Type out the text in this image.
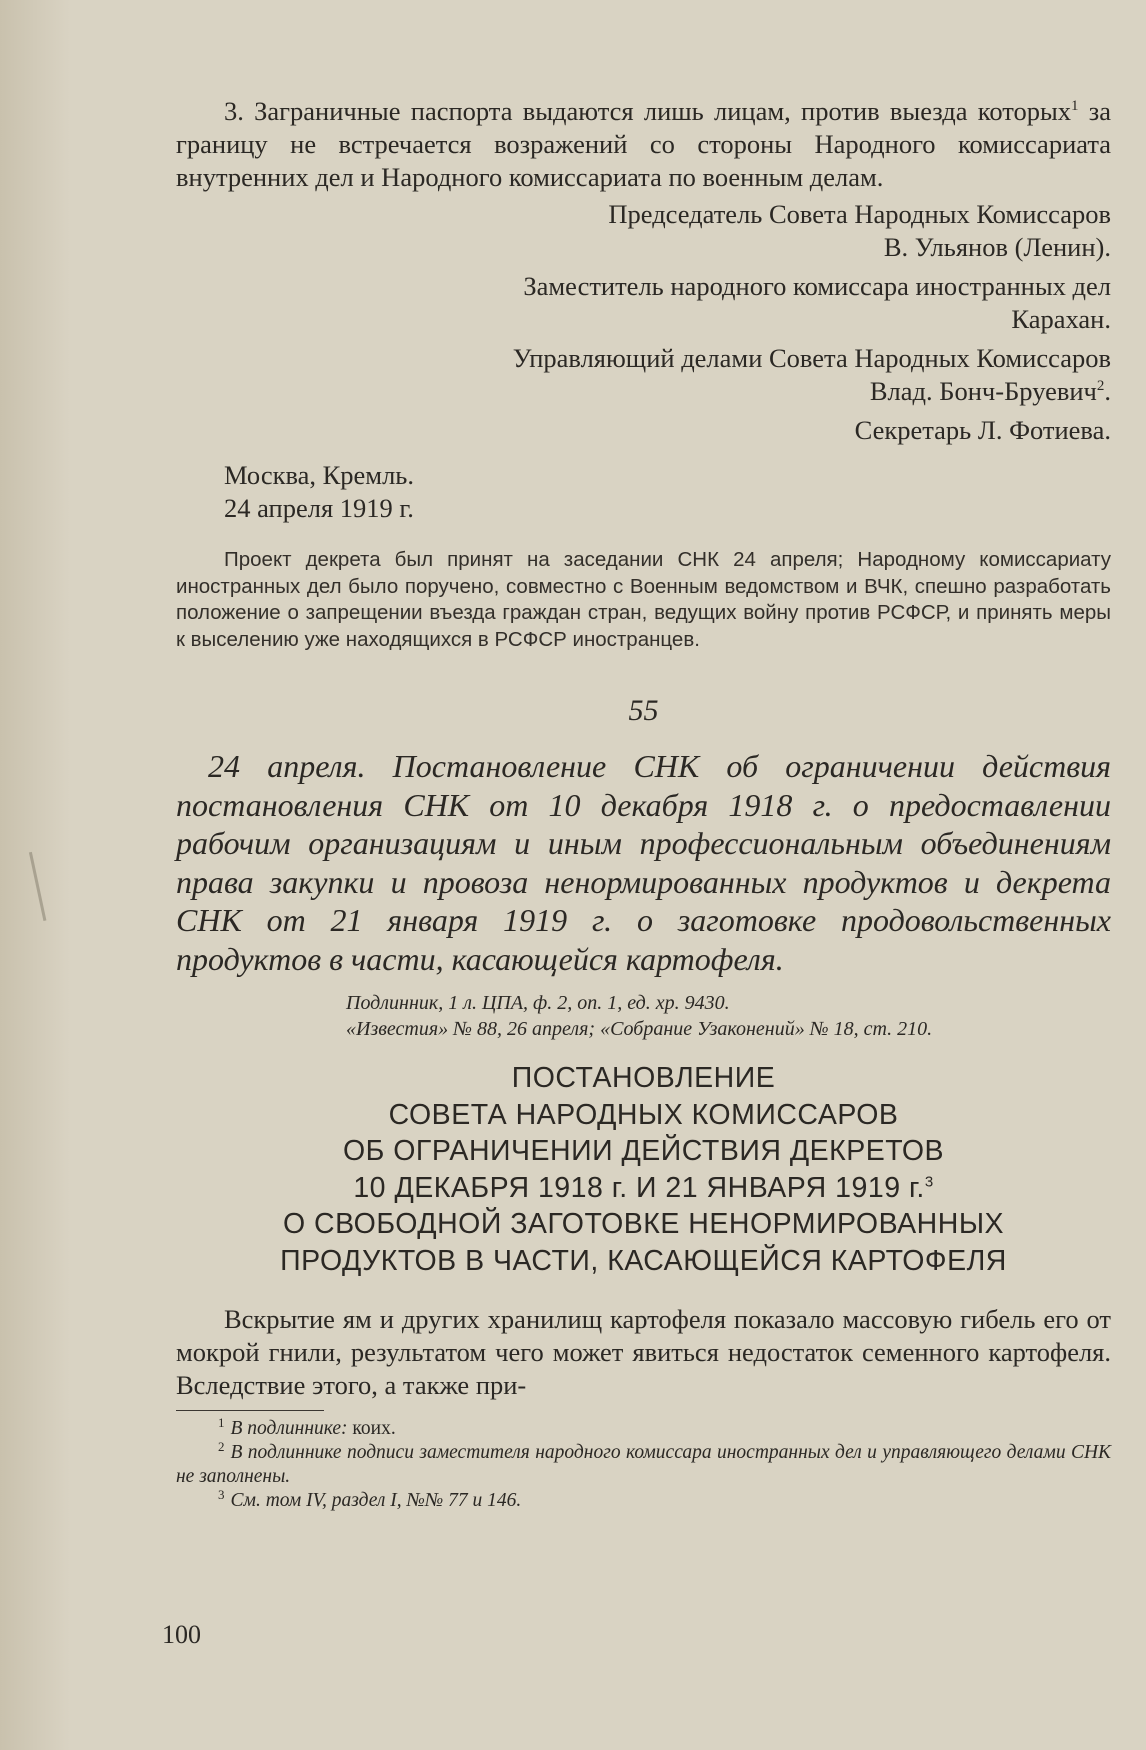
3. Заграничные паспорта выдаются лишь лицам, против выезда которых$^1$ за границу не встречается возражений со стороны Народного комиссариата внутренних дел и Народного комиссариата по военным делам.

Председатель Совета Народных Комиссаров
В. Ульянов (Ленин).
Заместитель народного комиссара иностранных дел
Карахан.
Управляющий делами Совета Народных Комиссаров
Влад. Бонч-Бруевич$^2$.
Секретарь Л. Фотиева.
Москва, Кремль.
24 апреля 1919 г.
Проект декрета был принят на заседании СНК 24 апреля; Народному комиссариату иностранных дел было поручено, совместно с Военным ведомством и ВЧК, спешно разработать положение о запрещении въезда граждан стран, ведущих войну против РСФСР, и принять меры к выселению уже находящихся в РСФСР иностранцев.
55
24 апреля. Постановление СНК об ограничении действия постановления СНК от 10 декабря 1918 г. о предоставлении рабочим организациям и иным профессиональным объединениям права закупки и провоза ненормированных продуктов и декрета СНК от 21 января 1919 г. о заготовке продовольственных продуктов в части, касающейся картофеля.
Подлинник, 1 л. ЦПА, ф. 2, оп. 1, ед. хр. 9430.
«Известия» № 88, 26 апреля; «Собрание Узаконений» № 18, ст. 210.
ПОСТАНОВЛЕНИЕ
СОВЕТА НАРОДНЫХ КОМИССАРОВ
ОБ ОГРАНИЧЕНИИ ДЕЙСТВИЯ ДЕКРЕТОВ
10 ДЕКАБРЯ 1918 г. И 21 ЯНВАРЯ 1919 г.$^3$
О СВОБОДНОЙ ЗАГОТОВКЕ НЕНОРМИРОВАННЫХ
ПРОДУКТОВ В ЧАСТИ, КАСАЮЩЕЙСЯ КАРТОФЕЛЯ

Вскрытие ям и других хранилищ картофеля показало массовую гибель его от мокрой гнили, результатом чего может явиться недостаток семенного картофеля. Вследствие этого, а также при-

$^1$ В подлиннике: коих.

$^2$ В подлиннике подписи заместителя народного комиссара иностранных дел и управляющего делами СНК не заполнены.

$^3$ См. том IV, раздел I, №№ 77 и 146.

100
